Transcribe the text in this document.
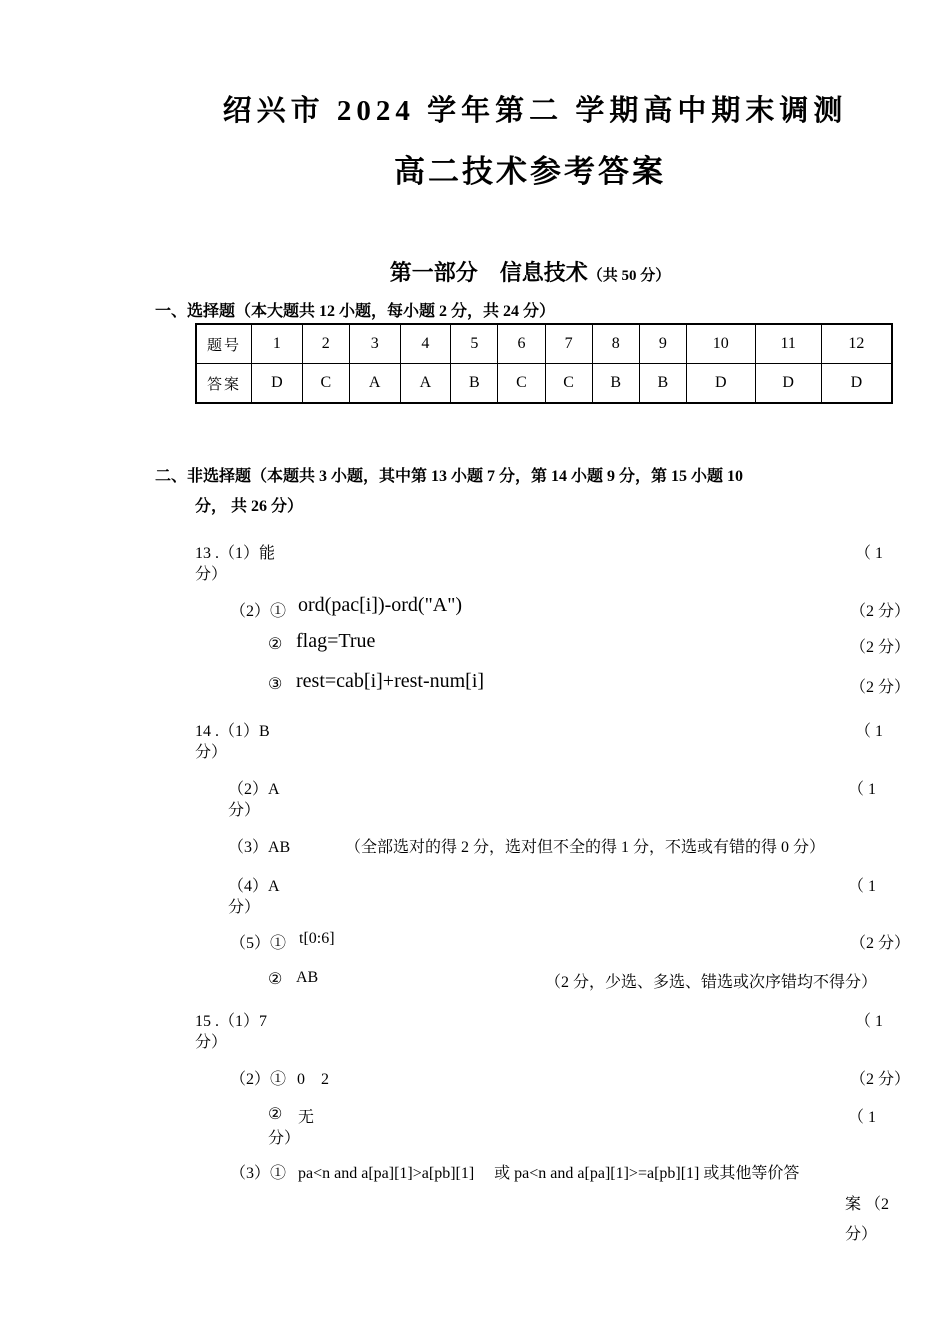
绍兴市 2024 学年第二 学期高中期末调测
高二技术参考答案
第一部分　信息技术（共 50 分）
一、选择题（本大题共 12 小题，每小题 2 分，共 24 分）
题号	1	2	3	4	5	6	7	8	9	10	11	12
答案	D	C	A	A	B	C	C	B	B	D	D	D
二、非选择题（本题共 3 小题，其中第 13 小题 7 分，第 14 小题 9 分，第 15 小题 10
分， 共 26 分）
13 .（1）能	（ 1
分）
（2）① ord(pac[i])-ord("A")	（2 分）
② flag=True	（2 分）
③ rest=cab[i]+rest-num[i]	（2 分）
14 .（1）B	（ 1
分）
（2）A	（ 1
分）
（3）AB	（全部选对的得 2 分，选对但不全的得 1 分，不选或有错的得 0 分）
（4）A	（ 1
分）
（5）① t[0:6]	（2 分）
② AB	（2 分，少选、多选、错选或次序错均不得分）
15 .（1）7	（ 1
分）
（2）① 0　2	（2 分）
② 无	（ 1
分）
（3）① pa<n and a[pa][1]>a[pb][1]　 或 pa<n and a[pa][1]>=a[pb][1] 或其他等价答
案 （2
分）
